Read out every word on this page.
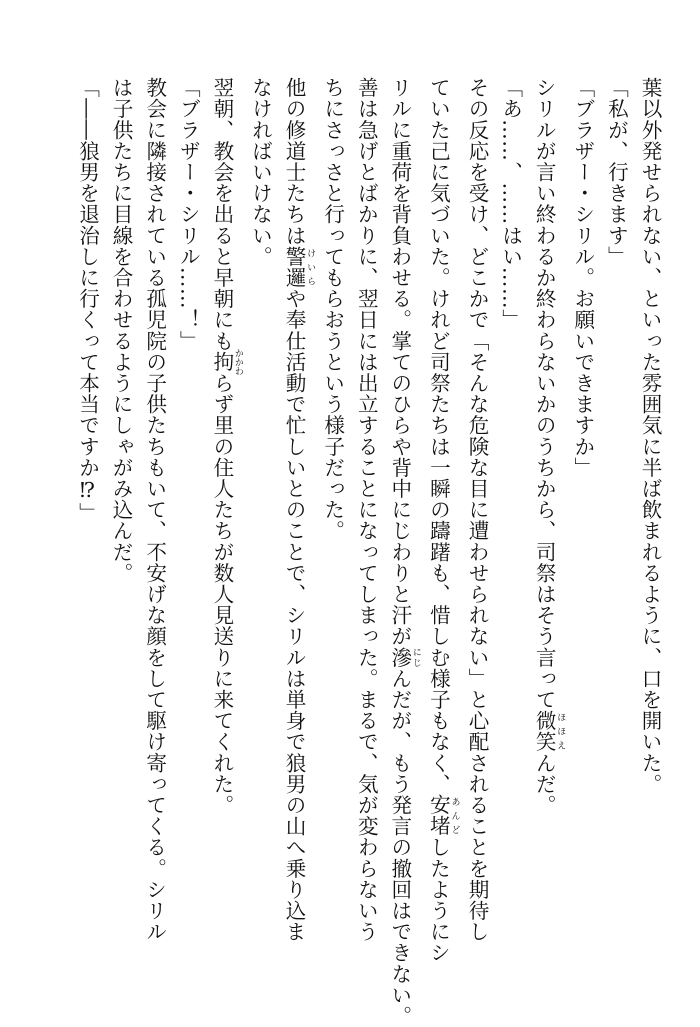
葉以外発せられない、といった雰囲気に半ば飲まれるように、口を開いた。
「私が、行きます」
「ブラザー・シリル。お願いできますか」
シリルが言い終わるか終わらないかのうちから、司祭はそう言って微笑 ほほえんだ。
「あ……、……はい……」
その反応を受け、どこかで「そんな危険な目に遭わせられない」と心配されることを期待し
ていた己に気づいた。けれど司祭たちは一瞬の躊躇も、惜しむ様子もなく、安堵 あんどしたようにシ
リルに重荷を背負わせる。掌てのひらや背中にじわりと汗が滲 にじんだが、もう発言の撤回はできない。
善は急げとばかりに、翌日には出立することになってしまった。まるで、気が変わらないう
ちにさっさと行ってもらおうという様子だった。
他の修道士たちは警邏 けいらや奉仕活動で忙しいとのことで、シリルは単身で狼男の山へ乗り込ま
なければいけない。
翌朝、教会を出ると早朝にも拘 かかわらず里の住人たちが数人見送りに来てくれた。
「ブラザー・シリル……！」
教会に隣接されている孤児院の子供たちもいて、不安げな顔をして駆け寄ってくる。シリル
は子供たちに目線を合わせるようにしゃがみ込んだ。
「――狼男を退治しに行くって本当ですか⁉」
